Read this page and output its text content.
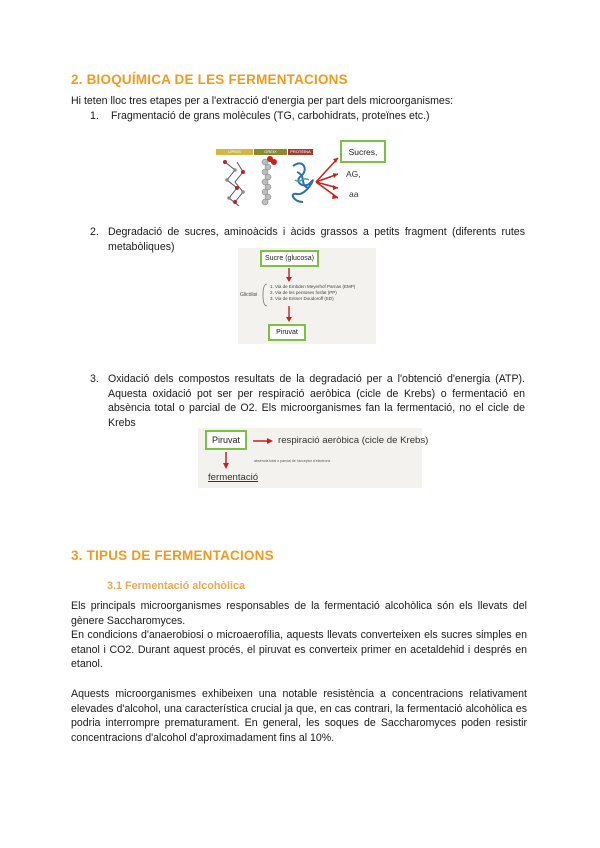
2. BIOQUÍMICA DE LES FERMENTACIONS
Hi teten lloc tres etapes per a l'extracció d'energia per part dels microorganismes:
1. Fragmentació de grans molècules (TG, carbohidrats, proteïnes etc.)
LÍPIDS	GREIX	PROTEÏNA	Sucres,
AG,
aa
2. Degradació de sucres, aminoàcids i àcids grassos a petits fragment (diferents rutes metabòliques)
Sucre (glucosa)
Glicòlisi
1. Via de Embden Meyerhof Parnas (EMP)
2. Via de les pentoses fosfat (PP)
3. Via de Entner Doudoroff (ED)
Piruvat
3. Oxidació dels compostos resultats de la degradació per a l'obtenció d'energia (ATP). Aquesta oxidació pot ser per respiració aeròbica (cicle de Krebs) o fermentació en absència total o parcial de O2. Els microorganismes fan la fermentació, no el cicle de Krebs
Piruvat	respiració aeròbica (cicle de Krebs)
absència total o parcial de l'acceptor d'electrons
fermentació
3. TIPUS DE FERMENTACIONS
3.1 Fermentació alcohòlica
Els principals microorganismes responsables de la fermentació alcohòlica són els llevats del gènere Saccharomyces.
En condicions d'anaerobiosi o microaerofília, aquests llevats converteixen els sucres simples en etanol i CO2. Durant aquest procés, el piruvat es converteix primer en acetaldehid i després en etanol.
Aquests microorganismes exhibeixen una notable resistència a concentracions relativament elevades d'alcohol, una característica crucial ja que, en cas contrari, la fermentació alcohòlica es podria interrompre prematurament. En general, les soques de Saccharomyces poden resistir concentracions d'alcohol d'aproximadament fins al 10%.
